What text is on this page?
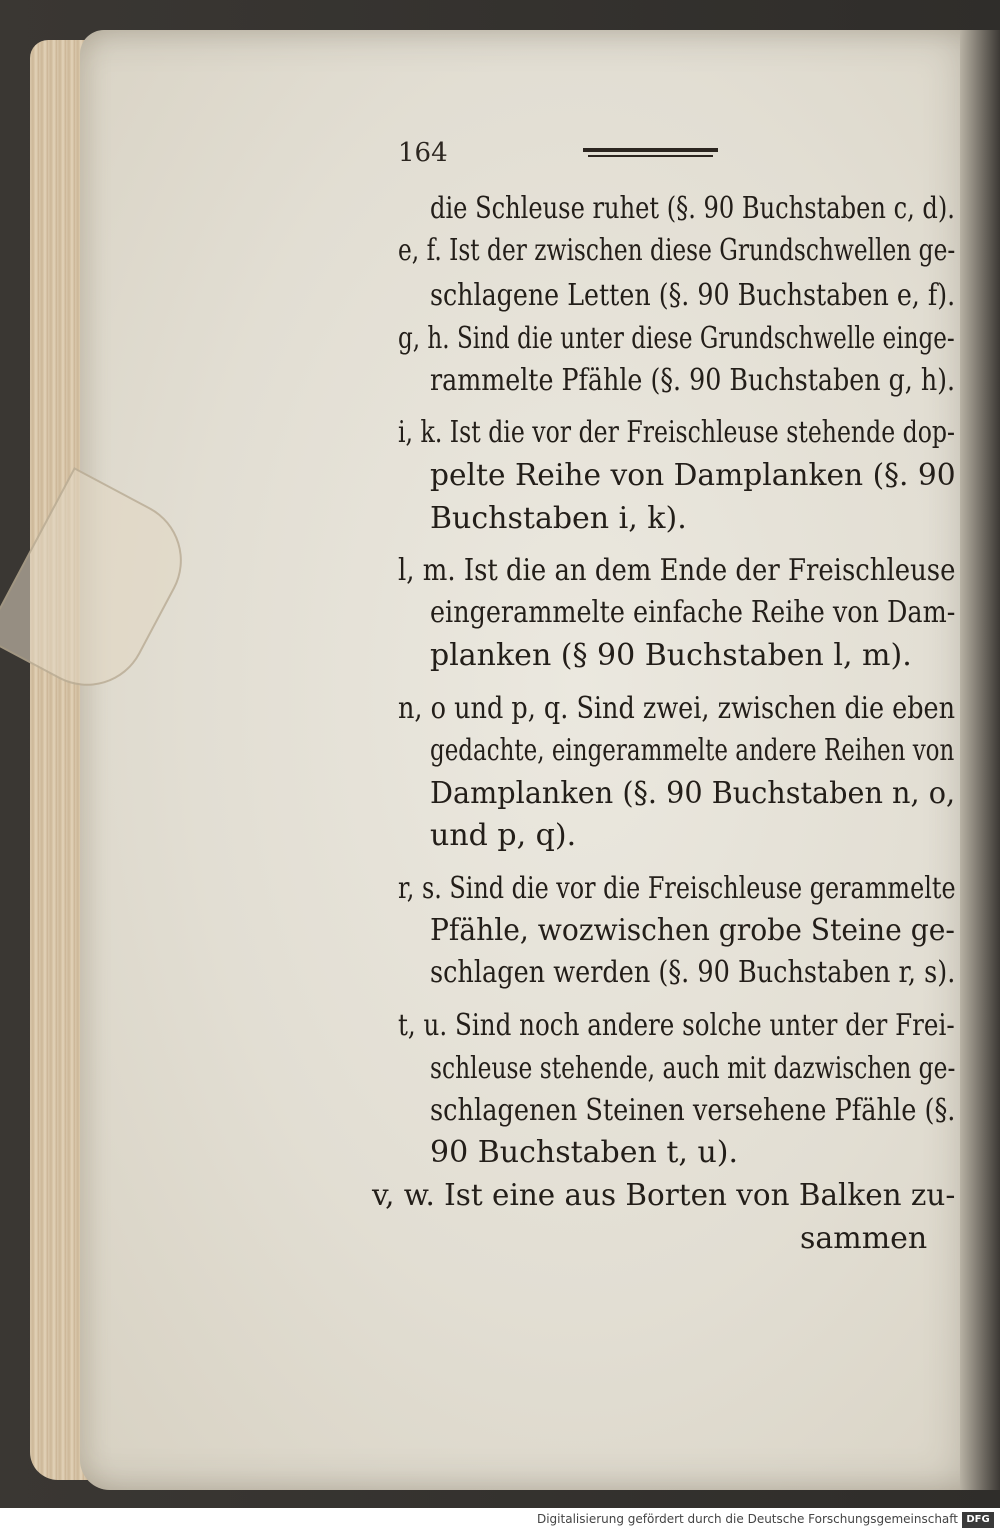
164
die Schleuse ruhet (§. 90 Buchstaben c, d).
e, f. Ist der zwischen diese Grundschwellen ge-
schlagene Letten (§. 90 Buchstaben e, f).
g, h. Sind die unter diese Grundschwelle einge-
rammelte Pfähle (§. 90 Buchstaben g, h).
i, k. Ist die vor der Freischleuse stehende dop-
pelte Reihe von Damplanken (§. 90
Buchstaben i, k).
l, m. Ist die an dem Ende der Freischleuse
eingerammelte einfache Reihe von Dam-
planken (§ 90 Buchstaben l, m).
n, o und p, q. Sind zwei, zwischen die eben
gedachte, eingerammelte andere Reihen von
Damplanken (§. 90 Buchstaben n, o,
und p, q).
r, s. Sind die vor die Freischleuse gerammelte
Pfähle, wozwischen grobe Steine ge-
schlagen werden (§. 90 Buchstaben r, s).
t, u. Sind noch andere solche unter der Frei-
schleuse stehende, auch mit dazwischen ge-
schlagenen Steinen versehene Pfähle (§.
90 Buchstaben t, u).
v, w. Ist eine aus Borten von Balken zu-
sammen
Digitalisierung gefördert durch die Deutsche Forschungsgemeinschaft DFG
